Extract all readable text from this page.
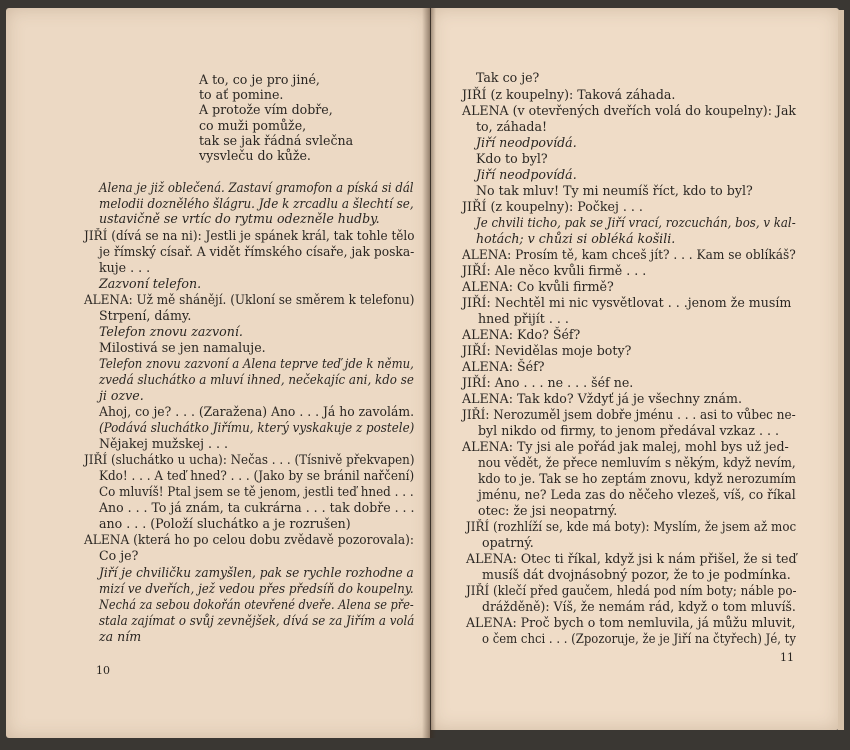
A to, co je pro jiné,
to ať pomine.
A protože vím dobře,
co muži pomůže,
tak se jak řádná svlečna
vysvleču do kůže.
Alena je již oblečená. Zastaví gramofon a píská si dál
melodii doznělého šlágru. Jde k zrcadlu a šlechtí se,
ustavičně se vrtíc do rytmu odezněle hudby.
JIŘÍ (dívá se na ni): Jestli je spánek král, tak tohle tělo
je římský císař. A vidět římského císaře, jak poska-
kuje . . .
Zazvoní telefon.
ALENA: Už mě shánějí. (Ukloní se směrem k telefonu)
Strpení, dámy.
Telefon znovu zazvoní.
Milostivá se jen namaluje.
Telefon znovu zazvoní a Alena teprve teď jde k němu,
zvedá sluchátko a mluví ihned, nečekajíc ani, kdo se
ji ozve.
Ahoj, co je? . . . (Zaražena) Ano . . . Já ho zavolám.
(Podává sluchátko Jiřímu, který vyskakuje z postele)
Nějakej mužskej . . .
JIŘÍ (sluchátko u ucha): Nečas . . . (Tísnivě překvapen)
Kdo! . . . A teď hned? . . . (Jako by se bránil nařčení)
Co mluvíš! Ptal jsem se tě jenom, jestli teď hned . . .
Ano . . . To já znám, ta cukrárna . . . tak dobře . . .
ano . . . (Položí sluchátko a je rozrušen)
ALENA (která ho po celou dobu zvědavě pozorovala):
Co je?
Jiří je chviličku zamyšlen, pak se rychle rozhodne a
mizí ve dveřích, jež vedou přes předsíň do koupelny.
Nechá za sebou dokořán otevřené dveře. Alena se pře-
stala zajímat o svůj zevnějšek, dívá se za Jiřím a volá
za ním
10
Tak co je?
JIŘÍ (z koupelny): Taková záhada.
ALENA (v otevřených dveřích volá do koupelny): Jak
to, záhada!
Jiří neodpovídá.
Kdo to byl?
Jiří neodpovídá.
No tak mluv! Ty mi neumíš říct, kdo to byl?
JIŘÍ (z koupelny): Počkej . . .
Je chvili ticho, pak se Jiří vrací, rozcuchán, bos, v kal-
hotách; v chůzi si obléká košili.
ALENA: Prosím tě, kam chceš jít? . . . Kam se oblíkáš?
JIŘÍ: Ale něco kvůli firmě . . .
ALENA: Co kvůli firmě?
JIŘÍ: Nechtěl mi nic vysvětlovat . . .jenom že musím
hned přijít . . .
ALENA: Kdo? Šéf?
JIŘÍ: Nevidělas moje boty?
ALENA: Šéf?
JIŘÍ: Ano . . . ne . . . šéf ne.
ALENA: Tak kdo? Vždyť já je všechny znám.
JIŘÍ: Nerozuměl jsem dobře jménu . . . asi to vůbec ne-
byl nikdo od firmy, to jenom předával vzkaz . . .
ALENA: Ty jsi ale pořád jak malej, mohl bys už jed-
nou vědět, že přece nemluvím s někým, když nevím,
kdo to je. Tak se ho zeptám znovu, když nerozumím
jménu, ne? Leda zas do něčeho vlezeš, víš, co říkal
otec: že jsi neopatrný.
JIŘÍ (rozhlíží se, kde má boty): Myslím, že jsem až moc
opatrný.
ALENA: Otec ti říkal, když jsi k nám přišel, že si teď
musíš dát dvojnásobný pozor, že to je podmínka.
JIŘÍ (klečí před gaučem, hledá pod ním boty; náble po-
drážděně): Víš, že nemám rád, když o tom mluvíš.
ALENA: Proč bych o tom nemluvila, já můžu mluvit,
o čem chci . . . (Zpozoruje, že je Jiří na čtyřech) Jé, ty
11
